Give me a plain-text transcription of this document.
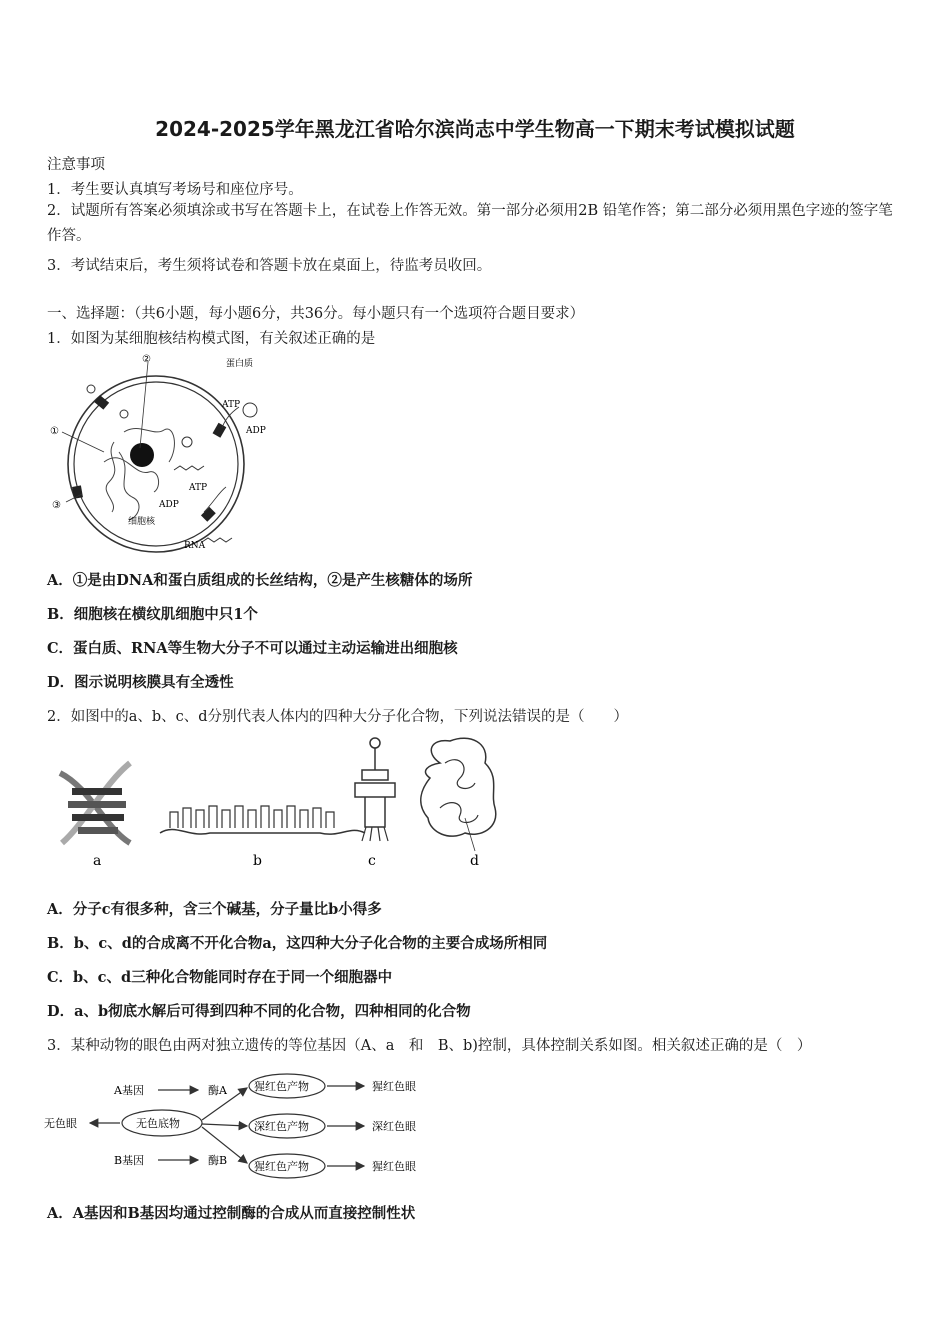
2024-2025学年黑龙江省哈尔滨尚志中学生物高一下期末考试模拟试题
注意事项
1．考生要认真填写考场号和座位序号。
2．试题所有答案必须填涂或书写在答题卡上，在试卷上作答无效。第一部分必须用2B 铅笔作答；第二部分必须用黑色字迹的签字笔作答。
3．考试结束后，考生须将试卷和答题卡放在桌面上，待监考员收回。
一、选择题：（共6小题，每小题6分，共36分。每小题只有一个选项符合题目要求）
1．如图为某细胞核结构模式图，有关叙述正确的是
②	蛋白质
①
ATP
ADP
ATP
ADP
③
细胞核
RNA
A．①是由DNA和蛋白质组成的长丝结构，②是产生核糖体的场所
B．细胞核在横纹肌细胞中只1个
C．蛋白质、RNA等生物大分子不可以通过主动运输进出细胞核
D．图示说明核膜具有全透性
2．如图中的a、b、c、d分别代表人体内的四种大分子化合物，下列说法错误的是（　　）
a	b	c	d
A．分子c有很多种，含三个碱基，分子量比b小得多
B．b、c、d的合成离不开化合物a，这四种大分子化合物的主要合成场所相同
C．b、c、d三种化合物能同时存在于同一个细胞器中
D．a、b彻底水解后可得到四种不同的化合物，四种相同的化合物
3．某种动物的眼色由两对独立遗传的等位基因（A、a　和　B、b)控制，具体控制关系如图。相关叙述正确的是（　）
A基因	酶A 猩红色产物	猩红色眼
无色眼	无色底物	深红色产物	深红色眼
B基因	酶B 猩红色产物	猩红色眼
A．A基因和B基因均通过控制酶的合成从而直接控制性状
